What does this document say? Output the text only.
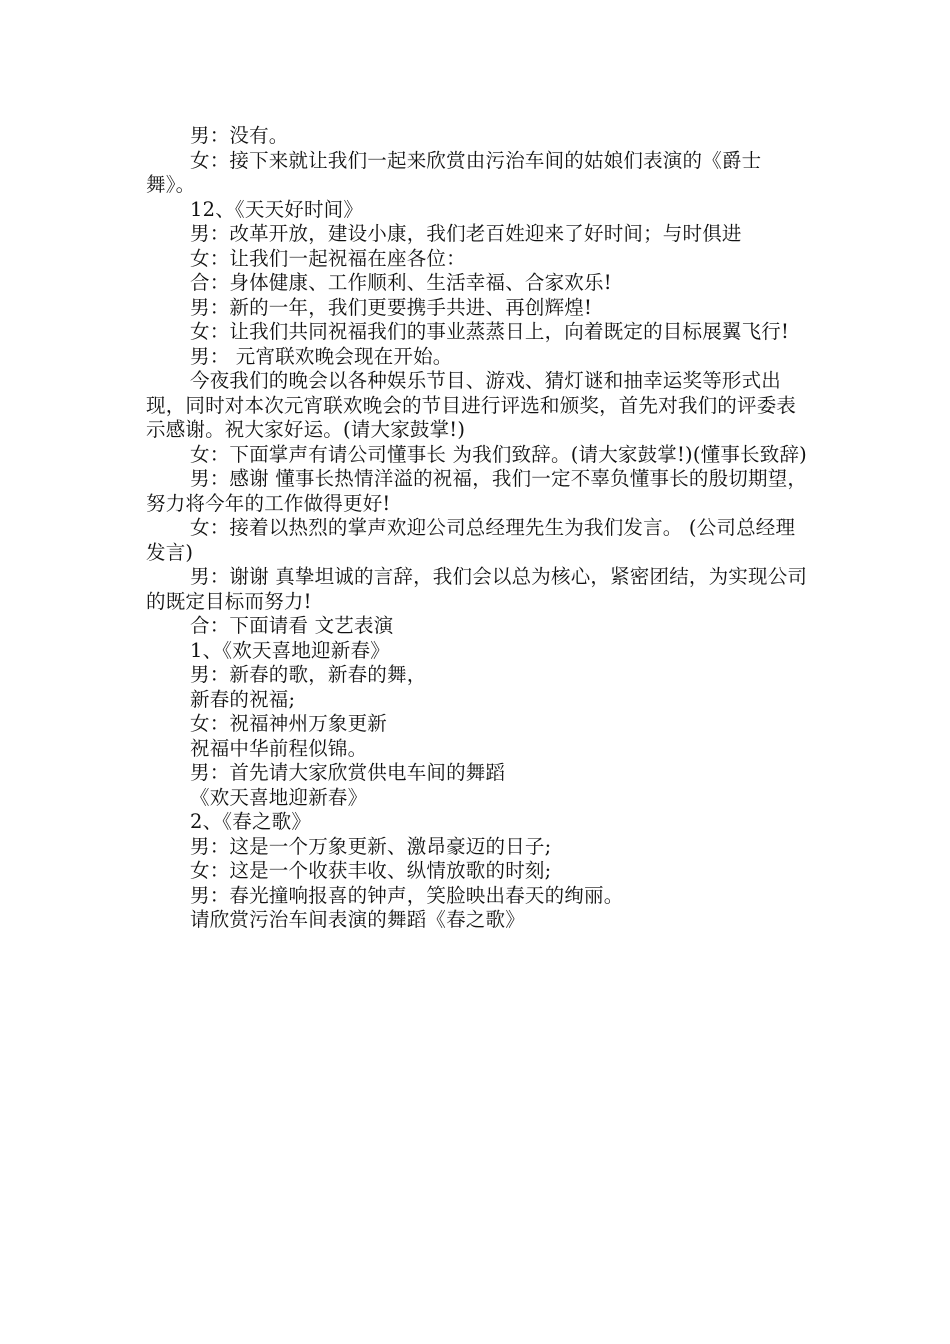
男：没有。

女：接下来就让我们一起来欣赏由污治车间的姑娘们表演的《爵士舞》。

12、《天天好时间》

男：改革开放，建设小康，我们老百姓迎来了好时间；与时俱进

女：让我们一起祝福在座各位：

合：身体健康、工作顺利、生活幸福、合家欢乐!

男：新的一年，我们更要携手共进、再创辉煌!

女：让我们共同祝福我们的事业蒸蒸日上，向着既定的目标展翼飞行!

男： 元宵联欢晚会现在开始。

今夜我们的晚会以各种娱乐节目、游戏、猜灯谜和抽幸运奖等形式出现，同时对本次元宵联欢晚会的节目进行评选和颁奖，首先对我们的评委表示感谢。祝大家好运。(请大家鼓掌!)

女：下面掌声有请公司懂事长 为我们致辞。(请大家鼓掌!)(懂事长致辞)

男：感谢 懂事长热情洋溢的祝福，我们一定不辜负懂事长的殷切期望，努力将今年的工作做得更好!

女：接着以热烈的掌声欢迎公司总经理先生为我们发言。 (公司总经理发言)

男：谢谢 真挚坦诚的言辞，我们会以总为核心，紧密团结，为实现公司的既定目标而努力!

合：下面请看 文艺表演

1、《欢天喜地迎新春》

男：新春的歌，新春的舞，

新春的祝福;

女：祝福神州万象更新

祝福中华前程似锦。

男：首先请大家欣赏供电车间的舞蹈

《欢天喜地迎新春》

2、《春之歌》

男：这是一个万象更新、激昂豪迈的日子;

女：这是一个收获丰收、纵情放歌的时刻;

男：春光撞响报喜的钟声，笑脸映出春天的绚丽。

请欣赏污治车间表演的舞蹈《春之歌》
